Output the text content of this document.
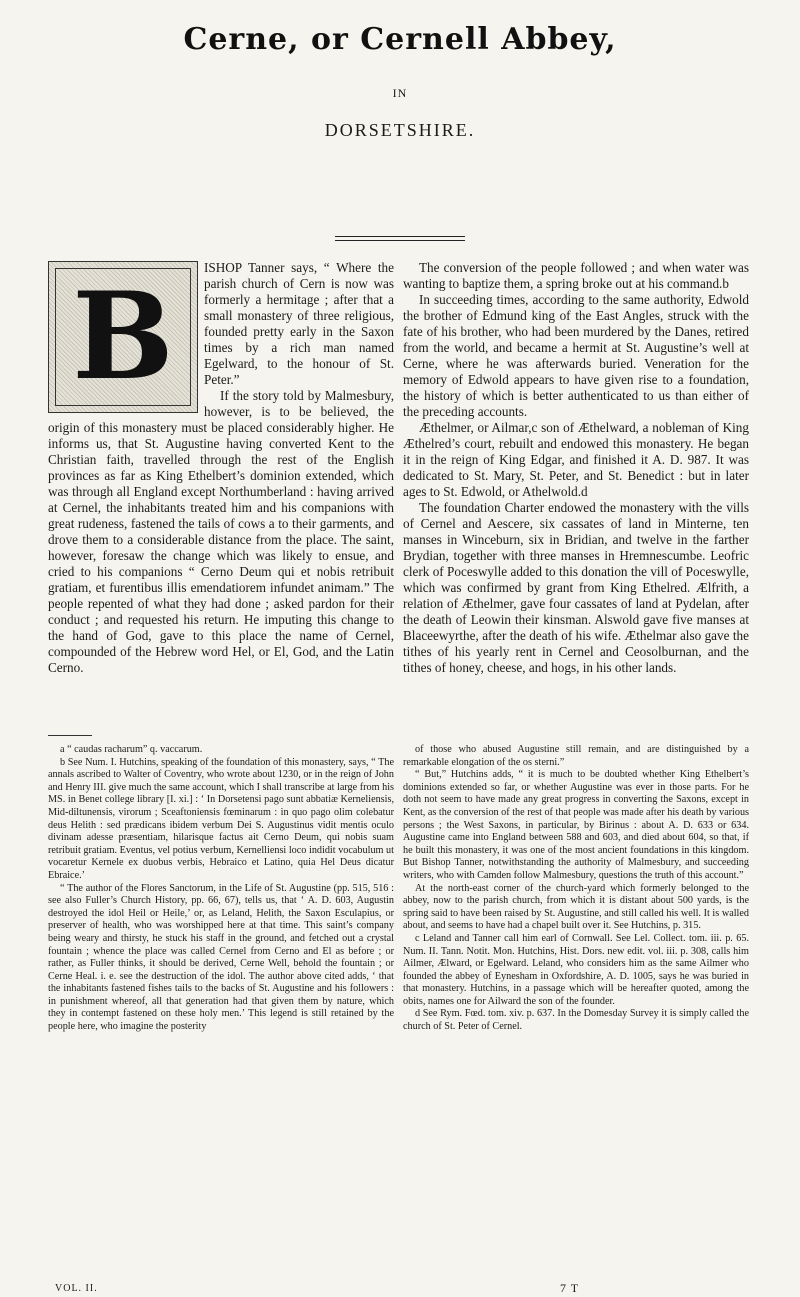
Cerne, or Cernell Abbey,
IN
DORSETSHIRE.
B	ISHOP Tanner says, “ Where the parish church of Cern is now was formerly a hermitage ; after that a small monastery of three religious, founded pretty early in the Saxon times by a rich man named Egelward, to the honour of St. Peter.”

If the story told by Malmesbury, however, is to be believed, the origin of this monastery must be placed considerably higher. He informs us, that St. Augustine having converted Kent to the Christian faith, travelled through the rest of the English provinces as far as King Ethelbert’s dominion extended, which was through all England except Northumberland : having arrived at Cernel, the inhabitants treated him and his companions with great rudeness, fastened the tails of cows a to their garments, and drove them to a considerable distance from the place. The saint, however, foresaw the change which was likely to ensue, and cried to his companions “ Cerno Deum qui et nobis retribuit gratiam, et furentibus illis emendatiorem infundet animam.” The people repented of what they had done ; asked pardon for their conduct ; and requested his return. He imputing this change to the hand of God, gave to this place the name of Cernel, compounded of the Hebrew word Hel, or El, God, and the Latin Cerno.

The conversion of the people followed ; and when water was wanting to baptize them, a spring broke out at his command.b

In succeeding times, according to the same authority, Edwold the brother of Edmund king of the East Angles, struck with the fate of his brother, who had been murdered by the Danes, retired from the world, and became a hermit at St. Augustine’s well at Cerne, where he was afterwards buried. Veneration for the memory of Edwold appears to have given rise to a foundation, the history of which is better authenticated to us than either of the preceding accounts.

Æthelmer, or Ailmar,c son of Æthelward, a nobleman of King Æthelred’s court, rebuilt and endowed this monastery. He began it in the reign of King Edgar, and finished it A. D. 987. It was dedicated to St. Mary, St. Peter, and St. Benedict : but in later ages to St. Edwold, or Athelwold.d

The foundation Charter endowed the monastery with the vills of Cernel and Aescere, six cassates of land in Minterne, ten manses in Winceburn, six in Bridian, and twelve in the farther Brydian, together with three manses in Hremnescumbe. Leofric clerk of Poceswylle added to this donation the vill of Poceswylle, which was confirmed by grant from King Ethelred. Ælfrith, a relation of Æthelmer, gave four cassates of land at Pydelan, after the death of Leowin their kinsman. Alswold gave five manses at Blaceewyrthe, after the death of his wife. Æthelmar also gave the tithes of his yearly rent in Cernel and Ceosolburnan, and the tithes of honey, cheese, and hogs, in his other lands.

a “ caudas racharum” q. vaccarum.

b See Num. I. Hutchins, speaking of the foundation of this monastery, says, “ The annals ascribed to Walter of Coventry, who wrote about 1230, or in the reign of John and Henry III. give much the same account, which I shall transcribe at large from his MS. in Benet college library [I. xi.] : ‘ In Dorsetensi pago sunt abbatiæ Kerneliensis, Mid-diltunensis, virorum ; Sceaftoniensis fœminarum : in quo pago olim colebatur deus Helith : sed prædicans ibidem verbum Dei S. Augustinus vidit mentis oculo divinam adesse præsentiam, hilarisque factus ait Cerno Deum, qui nobis suam retribuit gratiam. Eventus, vel potius verbum, Kernelliensi loco indidit vocabulum ut vocaretur Kernele ex duobus verbis, Hebraico et Latino, quia Hel Deus dicatur Ebraice.’

“ The author of the Flores Sanctorum, in the Life of St. Augustine (pp. 515, 516 : see also Fuller’s Church History, pp. 66, 67), tells us, that ‘ A. D. 603, Augustin destroyed the idol Heil or Heile,’ or, as Leland, Helith, the Saxon Esculapius, or preserver of health, who was worshipped here at that time. This saint’s company being weary and thirsty, he stuck his staff in the ground, and fetched out a crystal fountain ; whence the place was called Cernel from Cerno and El as before ; or rather, as Fuller thinks, it should be derived, Cerne Well, behold the fountain ; or Cerne Heal. i. e. see the destruction of the idol. The author above cited adds, ‘ that the inhabitants fastened fishes tails to the backs of St. Augustine and his followers : in punishment whereof, all that generation had that given them by nature, which they in contempt fastened on these holy men.’ This legend is still retained by the people here, who imagine the posterity

of those who abused Augustine still remain, and are distinguished by a remarkable elongation of the os sterni.”

“ But,” Hutchins adds, “ it is much to be doubted whether King Ethelbert’s dominions extended so far, or whether Augustine was ever in those parts. For he doth not seem to have made any great progress in converting the Saxons, except in Kent, as the conversion of the rest of that people was made after his death by various persons ; the West Saxons, in particular, by Birinus : about A. D. 633 or 634. Augustine came into England between 588 and 603, and died about 604, so that, if he built this monastery, it was one of the most ancient foundations in this kingdom. But Bishop Tanner, notwithstanding the authority of Malmesbury, and succeeding writers, who with Camden follow Malmesbury, questions the truth of this account.”

At the north-east corner of the church-yard which formerly belonged to the abbey, now to the parish church, from which it is distant about 500 yards, is the spring said to have been raised by St. Augustine, and still called his well. It is walled about, and seems to have had a chapel built over it. See Hutchins, p. 315.

c Leland and Tanner call him earl of Cornwall. See Lel. Collect. tom. iii. p. 65. Num. II. Tann. Notit. Mon. Hutchins, Hist. Dors. new edit. vol. iii. p. 308, calls him Ailmer, Ælward, or Egelward. Leland, who considers him as the same Ailmer who founded the abbey of Eynesham in Oxfordshire, A. D. 1005, says he was buried in that monastery. Hutchins, in a passage which will be hereafter quoted, among the obits, names one for Ailward the son of the founder.

d See Rym. Fœd. tom. xiv. p. 637. In the Domesday Survey it is simply called the church of St. Peter of Cernel.

VOL. II.	7 T
